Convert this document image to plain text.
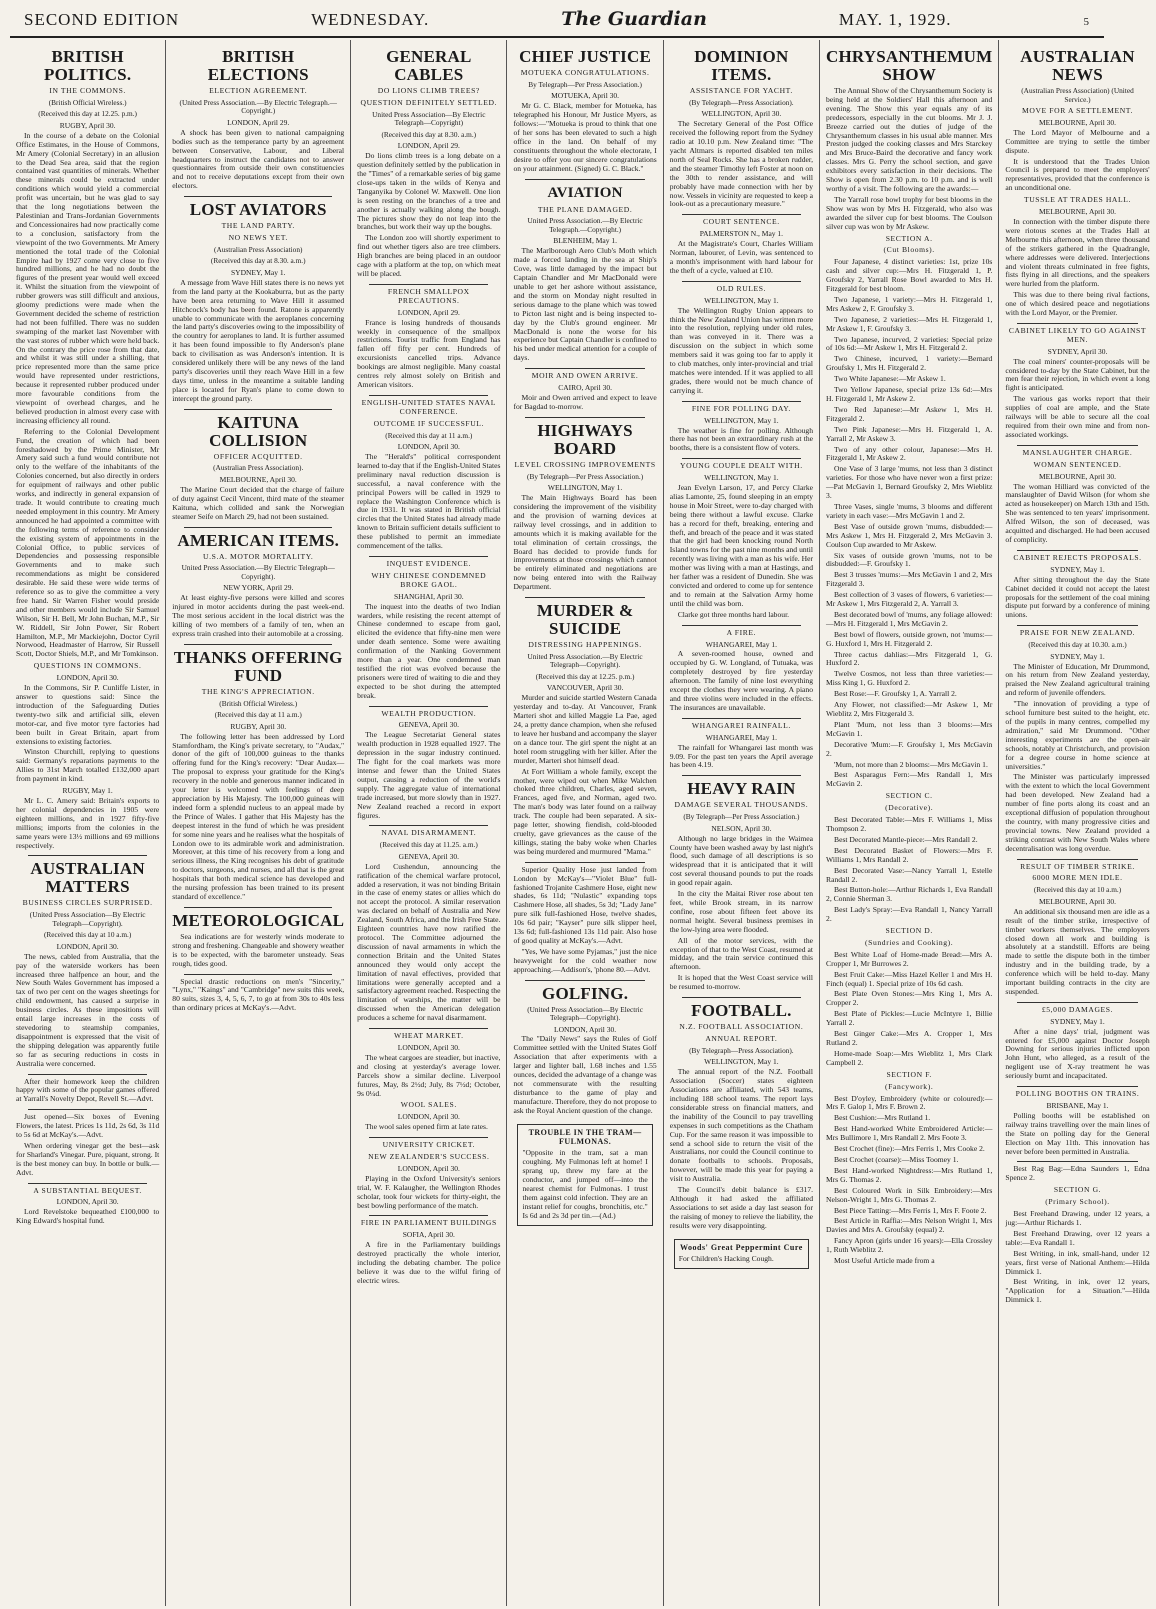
SECOND EDITION	WEDNESDAY.	The Guardian	MAY. 1, 1929.	5
BRITISH POLITICS.
IN THE COMMONS.
(British Official Wireless.)
(Received this day at 12.25. p.m.)
RUGBY, April 30.

In the course of a debate on the Colonial Office Estimates, in the House of Commons, Mr Amery (Colonial Secretary) in an allusion to the Dead Sea area, said that the region contained vast quantities of minerals. Whether these minerals could be extracted under conditions which would yield a commercial profit was uncertain, but he was glad to say that the long negotiations between the Palestinian and Trans-Jordanian Governments and Concessionaires had now practically come to a conclusion, satisfactory from the viewpoint of the two Governments. Mr Amery mentioned the total trade of the Colonial Empire had by 1927 come very close to five hundred millions, and he had no doubt the figures of the present year would well exceed it. Whilst the situation from the viewpoint of rubber growers was still difficult and anxious, gloomy predictions were made when the Government decided the scheme of restriction had not been fulfilled. There was no sudden swamping of the market last November with the vast stores of rubber which were held back. On the contrary the price rose from that date, and whilst it was still under a shilling, that price represented more than the same price would have represented under restrictions, because it represented rubber produced under more favourable conditions from the viewpoint of overhead charges, and he believed production in almost every case with increasing efficiency all round.

Referring to the Colonial Development Fund, the creation of which had been foreshadowed by the Prime Minister, Mr Amery said such a fund would contribute not only to the welfare of the inhabitants of the Colonies concerned, but also directly in orders for equipment of railways and other public works, and indirectly in general expansion of trade. It would contribute to creating much needed employment in this country. Mr Amery announced he had appointed a committee with the following terms of reference to consider the existing system of appointments in the Colonial Office, to public services of Dependencies and possessing responsible Governments and to make such recommendations as might be considered desirable. He said these were wide terms of reference so as to give the committee a very free hand. Sir Warren Fisher would preside and other members would include Sir Samuel Wilson, Sir H. Bell, Mr John Buchan, M.P., Sir W. Riddell, Sir John Power, Sir Robert Hamilton, M.P., Mr Mackiejohn, Doctor Cyril Norwood, Headmaster of Harrow, Sir Russell Scott, Doctor Shiels, M.P., and Mr Tomkinson.

QUESTIONS IN COMMONS.
LONDON, April 30.

In the Commons, Sir P. Cunliffe Lister, in answer to questions said: Since the introduction of the Safeguarding Duties twenty-two silk and artificial silk, eleven motor-car, and five motor tyre factories had been built in Great Britain, apart from extensions to existing factories.

Winston Churchill, replying to questions said: Germany's reparations payments to the Allies to 31st March totalled £132,000 apart from payment in kind.

RUGBY, May 1.

Mr L. C. Amery said: Britain's exports to her colonial dependencies in 1905 were eighteen millions, and in 1927 fifty-five millions; imports from the colonies in the same years were 13½ millions and 69 millions respectively.

AUSTRALIAN MATTERS
BUSINESS CIRCLES SURPRISED.
(United Press Association—By Electric Telegraph—Copyright).
(Received this day at 10 a.m.)
LONDON, April 30.

The news, cabled from Australia, that the pay of the waterside workers has been increased three halfpence an hour, and the New South Wales Government has imposed a tax of two per cent on the wages sheetings for child endowment, has caused a surprise in business circles. As these impositions will entail large increases in the costs of stevedoring to steamship companies, disappointment is expressed that the visit of the shipping delegation was apparently futile so far as securing reductions in costs in Australia were concerned.

After their homework keep the children happy with some of the popular games offered at Yarrall's Novelty Depot, Revell St.—Advt.

Just opened—Six boxes of Evening Flowers, the latest. Prices 1s 11d, 2s 6d, 3s 11d to 5s 6d at McKay's.—Advt.

When ordering vinegar get the best—ask for Sharland's Vinegar. Pure, piquant, strong. It is the best money can buy. In bottle or bulk.—Advt.

A SUBSTANTIAL BEQUEST.
LONDON, April 30.

Lord Revelstoke bequeathed £100,000 to King Edward's hospital fund.

BRITISH ELECTIONS
ELECTION AGREEMENT.
(United Press Association.—By Electric Telegraph.—Copyright.)
LONDON, April 29.

A shock has been given to national campaigning bodies such as the temperance party by an agreement between Conservative, Labour, and Liberal headquarters to instruct the candidates not to answer questionnaires from outside their own constituencies and not to receive deputations except from their own electors.

LOST AVIATORS
THE LAND PARTY.
NO NEWS YET.
(Australian Press Association)
(Received this day at 8.30. a.m.)
SYDNEY, May 1.

A message from Wave Hill states there is no news yet from the land party at the Kookaburra, but as the party have been area returning to Wave Hill it assumed Hitchcock's body has been found. Ratone is apparently unable to communicate with the aeroplanes concerning the land party's discoveries owing to the impossibility of the country for aeroplanes to land. It is further assumed it has been found impossible to fly Anderson's plane back to civilisation as was Anderson's intention. It is considered unlikely there will be any news of the land party's discoveries until they reach Wave Hill in a few days time, unless in the meantime a suitable landing place is located for Ryan's plane to come down to intercept the ground party.

KAITUNA COLLISION
OFFICER ACQUITTED.
(Australian Press Association).
MELBOURNE, April 30.

The Marine Court decided that the charge of failure of duty against Cecil Vincent, third mate of the steamer Kaituna, which collided and sank the Norwegian steamer Seife on March 29, had not been sustained.

AMERICAN ITEMS.
U.S.A. MOTOR MORTALITY.
United Press Association.—By Electric Telegraph—Copyright).
NEW YORK, April 29.

At least eighty-five persons were killed and scores injured in motor accidents during the past week-end. The most serious accident in the local district was the killing of two members of a family of ten, when an express train crashed into their automobile at a crossing.

THANKS OFFERING FUND
THE KING'S APPRECIATION.
(British Official Wireless.)
(Received this day at 11 a.m.)
RUGBY, April 30.

The following letter has been addressed by Lord Stamfordham, the King's private secretary, to "Audax," donor of the gift of 100,000 guineas to the thanks offering fund for the King's recovery: "Dear Audax—The proposal to express your gratitude for the King's recovery in the noble and generous manner indicated in your letter is welcomed with feelings of deep appreciation by His Majesty. The 100,000 guineas will indeed form a splendid nucleus to an appeal made by the Prince of Wales. I gather that His Majesty has the deepest interest in the fund of which he was president for some nine years and he realises what the hospitals of London owe to its admirable work and administration. Moreover, at this time of his recovery from a long and serious illness, the King recognises his debt of gratitude to doctors, surgeons, and nurses, and all that is the great hospitals that both medical science has developed and the nursing profession has been trained to its present standard of excellence."

METEOROLOGICAL

Sea indications are for westerly winds moderate to strong and freshening. Changeable and showery weather is to be expected, with the barometer unsteady. Seas rough, tides good.

Special drastic reductions on men's "Sincerity," "Lynx," "Kaings" and "Cambridge" new suits this week, 80 suits, sizes 3, 4, 5, 6, 7, to go at from 30s to 40s less than ordinary prices at McKay's.—Advt.

GENERAL CABLES
DO LIONS CLIMB TREES?
QUESTION DEFINITELY SETTLED.
United Press Association—By Electric Telegraph—Copyright)
(Received this day at 8.30. a.m.)
LONDON, April 29.

Do lions climb trees is a long debate on a question definitely settled by the publication in the "Times" of a remarkable series of big game close-ups taken in the wilds of Kenya and Tanganyika by Colonel W. Maxwell. One lion is seen resting on the branches of a tree and another is actually walking along the bough. The pictures show they do not leap into the branches, but work their way up the boughs.

The London zoo will shortly experiment to find out whether tigers also are tree climbers. High branches are being placed in an outdoor cage with a platform at the top, on which meat will be placed.

FRENCH SMALLPOX PRECAUTIONS.
LONDON, April 29.

France is losing hundreds of thousands weekly in consequence of the smallpox restrictions. Tourist traffic from England has fallen off fifty per cent. Hundreds of excursionists cancelled trips. Advance bookings are almost negligible. Many coastal centres rely almost solely on British and American visitors.

ENGLISH-UNITED STATES NAVAL CONFERENCE.
OUTCOME IF SUCCESSFUL.
(Received this day at 11 a.m.)
LONDON, April 30.

The "Herald's" political correspondent learned to-day that if the English-United States preliminary naval reduction discussion is successful, a naval conference with the principal Powers will be called in 1929 to replace the Washington Conference which is due in 1931. It was stated in British official circles that the United States had already made known to Britain sufficient details sufficient to these published to permit an immediate commencement of the talks.

INQUEST EVIDENCE.
WHY CHINESE CONDEMNED BROKE GAOL.
SHANGHAI, April 30.

The inquest into the deaths of two Indian warders, while resisting the recent attempt of Chinese condemned to escape from gaol, elicited the evidence that fifty-nine men were under death sentence. Some were awaiting confirmation of the Nanking Government more than a year. One condemned man testified the riot was evolved because the prisoners were tired of waiting to die and they expected to be shot during the attempted break.

WEALTH PRODUCTION.
GENEVA, April 30.

The League Secretariat General states wealth production in 1928 equalled 1927. The depression in the sugar industry continued. The fight for the coal markets was more intense and fewer than the United States output, causing a reduction of the world's supply. The aggregate value of international trade increased, but more slowly than in 1927. New Zealand reached a record in export figures.

NAVAL DISARMAMENT.
(Received this day at 11.25. a.m.)
GENEVA, April 30.

Lord Cushendun, announcing the ratification of the chemical warfare protocol, added a reservation, it was not binding Britain in the case of enemy states or allies which do not accept the protocol. A similar reservation was declared on behalf of Australia and New Zealand, South Africa, and the Irish Free State. Eighteen countries have now ratified the protocol. The Committee adjourned the discussion of naval armaments in which the connection Britain and the United States announced they would only accept the limitation of naval effectives, provided that limitations were generally accepted and a satisfactory agreement reached. Respecting the limitation of warships, the matter will be discussed when the American delegation produces a scheme for naval disarmament.

WHEAT MARKET.
LONDON, April 30.

The wheat cargoes are steadier, but inactive, and closing at yesterday's average lower. Parcels show a similar decline. Liverpool futures, May, 8s 2½d; July, 8s 7½d; October, 9s 0¼d.

WOOL SALES.
LONDON, April 30.

The wool sales opened firm at late rates.

UNIVERSITY CRICKET.
NEW ZEALANDER'S SUCCESS.
LONDON, April 30.

Playing in the Oxford University's seniors trial, W. F. Kalaugher, the Wellington Rhodes scholar, took four wickets for thirty-eight, the best bowling performance of the match.

FIRE IN PARLIAMENT BUILDINGS
SOFIA, April 30.

A fire in the Parliamentary buildings destroyed practically the whole interior, including the debating chamber. The police believe it was due to the wilful firing of electric wires.

CHIEF JUSTICE
MOTUEKA CONGRATULATIONS.
By Telegraph—Per Press Association.)
MOTUEKA, April 30.

Mr G. C. Black, member for Motueka, has telegraphed his Honour, Mr Justice Myers, as follows:—"Motueka is proud to think that one of her sons has been elevated to such a high office in the land. On behalf of my constituents throughout the whole electorate, I desire to offer you our sincere congratulations on your attainment. (Signed) G. C. Black."

AVIATION
THE PLANE DAMAGED.
United Press Association.—By Electric Telegraph.—Copyright.)
BLENHEIM, May 1.

The Marlborough Aero Club's Moth which made a forced landing in the sea at Ship's Cove, was little damaged by the impact but Captain Chandler and Mr MacDonald were unable to get her ashore without assistance, and the storm on Monday night resulted in serious damage to the plane which was towed to Picton last night and is being inspected to-day by the Club's ground engineer. Mr MacDonald is none the worse for his experience but Captain Chandler is confined to his bed under medical attention for a couple of days.

MOIR AND OWEN ARRIVE.
CAIRO, April 30.

Moir and Owen arrived and expect to leave for Bagdad to-morrow.

HIGHWAYS BOARD
LEVEL CROSSING IMPROVEMENTS
(By Telegraph—Per Press Association.)
WELLINGTON, May 1.

The Main Highways Board has been considering the improvement of the visibility and the provision of warning devices at railway level crossings, and in addition to amounts which it is making available for the total elimination of certain crossings, the Board has decided to provide funds for improvements at those crossings which cannot be entirely eliminated and negotiations are now being entered into with the Railway Department.

MURDER & SUICIDE
DISTRESSING HAPPENINGS.
United Press Association.—By Electric Telegraph—Copyright).
(Received this day at 12.25. p.m.)
VANCOUVER, April 30.

Murder and suicide startled Western Canada yesterday and to-day. At Vancouver, Frank Marteri shot and killed Maggie La Pae, aged 24, a pretty dance champion, when she refused to leave her husband and accompany the slayer on a dance tour. The girl spent the night at an hotel room struggling with her killer. After the murder, Marteri shot himself dead.

At Fort William a whole family, except the mother, were wiped out when Mike Walchen choked three children, Charles, aged seven, Frances, aged five, and Norman, aged two. The man's body was later found on a railway track. The couple had been separated. A six-page letter, showing fiendish, cold-blooded cruelty, gave grievances as the cause of the killings, stating the baby woke when Charles was being murdered and murmured "Mama."

Superior Quality Hose just landed from London by McKay's—"Violet Blue" full-fashioned Trojanite Cashmere Hose, eight new shades, 6s 11d; "Nulastic" expanding tops Cashmere Hose, all shades, 5s 3d; "Lady Jane" pure silk full-fashioned Hose, twelve shades, 10s 6d pair; "Kayser" pure silk slipper heel, 13s 6d; full-fashioned 13s 11d pair. Also hose of good quality at McKay's.—Advt.

"Yes, We have some Pyjamas," just the nice heavyweight for the cold weather now approaching.—Addison's, 'phone 80.—Advt.

GOLFING.
(United Press Association—By Electric Telegraph—Copyright).
LONDON, April 30.

The "Daily News" says the Rules of Golf Committee settled with the United States Golf Association that after experiments with a larger and lighter ball, 1.68 inches and 1.55 ounces, decided the advantage of a change was not commensurate with the resulting disturbance to the game of play and manufacture. Therefore, they do not propose to ask the Royal Ancient question of the change.

TROUBLE IN THE TRAM—FULMONAS.
"Opposite in the tram, sat a man coughing. My Fulmonas left at home! I sprang up, threw my fare at the conductor, and jumped off—into the nearest chemist for Fulmonas. I trust them against cold infection. They are an instant relief for coughs, bronchitis, etc." Is 6d and 2s 3d per tin.—(Ad.)
DOMINION ITEMS.
ASSISTANCE FOR YACHT.
(By Telegraph—Press Association).
WELLINGTON, April 30.

The Secretary General of the Post Office received the following report from the Sydney radio at 10.10 p.m. New Zealand time: "The yacht Altmars is reported disabled ten miles north of Seal Rocks. She has a broken rudder, and the steamer Timothy left Foster at noon on the 30th to render assistance, and will probably have made connection with her by now. Vessels in vicinity are requested to keep a look-out as a precautionary measure."

COURT SENTENCE.
PALMERSTON N., May 1.

At the Magistrate's Court, Charles William Norman, labourer, of Levin, was sentenced to a month's imprisonment with hard labour for the theft of a cycle, valued at £10.

OLD RULES.
WELLINGTON, May 1.

The Wellington Rugby Union appears to think the New Zealand Union has written more into the resolution, replying under old rules, than was conveyed in it. There was a discussion on the subject in which some members said it was going too far to apply it to club matches, only inter-provincial and trial matches were intended. If it was applied to all grades, there would not be much chance of carrying it.

FINE FOR POLLING DAY.
WELLINGTON, May 1.

The weather is fine for polling. Although there has not been an extraordinary rush at the booths, there is a consistent flow of voters.

YOUNG COUPLE DEALT WITH.
WELLINGTON, May 1.

Jean Evelyn Larson, 17, and Percy Clarke alias Lamonte, 25, found sleeping in an empty house in Moir Street, were to-day charged with being there without a lawful excuse. Clarke has a record for theft, breaking, entering and theft, and breach of the peace and it was stated that the girl had been knocking round North Island towns for the past nine months and until recently was living with a man as his wife. Her mother was living with a man at Hastings, and her father was a resident of Dunedin. She was convicted and ordered to come up for sentence and to remain at the Salvation Army home until the child was born.

Clarke got three months hard labour.

A FIRE.
WHANGAREI, May 1.

A seven-roomed house, owned and occupied by G. W. Longland, of Tutuaka, was completely destroyed by fire yesterday afternoon. The family of nine lost everything except the clothes they were wearing. A piano and three violins were included in the effects. The insurances are unavailable.

WHANGAREI RAINFALL.
WHANGAREI, May 1.

The rainfall for Whangarei last month was 9.09. For the past ten years the April average has been 4.19.

HEAVY RAIN
DAMAGE SEVERAL THOUSANDS.
(By Telegraph—Per Press Association.)
NELSON, April 30.

Although no large bridges in the Waimea County have been washed away by last night's flood, such damage of all descriptions is so widespread that it is anticipated that it will cost several thousand pounds to put the roads in good repair again.

In the city the Maitai River rose about ten feet, while Brook stream, in its narrow confine, rose about fifteen feet above its normal height. Several business premises in the low-lying area were flooded.

All of the motor services, with the exception of that to the West Coast, resumed at midday, and the train service continued this afternoon.

It is hoped that the West Coast service will be resumed to-morrow.

FOOTBALL.
N.Z. FOOTBALL ASSOCIATION.
ANNUAL REPORT.
(By Telegraph—Press Association).
WELLINGTON, May 1.

The annual report of the N.Z. Football Association (Soccer) states eighteen Associations are affiliated, with 543 teams, including 188 school teams. The report lays considerable stress on financial matters, and the inability of the Council to pay travelling expenses in such competitions as the Chatham Cup. For the same reason it was impossible to send a school side to return the visit of the Australians, nor could the Council continue to donate footballs to schools. Proposals, however, will be made this year for paying a visit to Australia.

The Council's debit balance is £317. Although it had asked the affiliated Associations to set aside a day last season for the raising of money to relieve the liability, the results were very disappointing.

Woods' Great Peppermint Cure
For Children's Hacking Cough.
CHRYSANTHEMUM SHOW

The Annual Show of the Chrysanthemum Society is being held at the Soldiers' Hall this afternoon and evening. The Show this year equals any of its predecessors, especially in the cut blooms. Mr J. J. Breeze carried out the duties of judge of the Chrysanthemum classes in his usual able manner. Mrs Preston judged the cooking classes and Mrs Starckey and Mrs Bruce-Baird the decorative and fancy work classes. Mrs G. Perry the school section, and gave exhibitors every satisfaction in their decisions. The Show is open from 2.30 p.m. to 10 p.m. and is well worthy of a visit. The following are the awards:—

The Yarrall rose bowl trophy for best blooms in the Show was won by Mrs H. Fitzgerald, who also was awarded the silver cup for best blooms. The Coulson silver cup was won by Mr Askew.

SECTION A.
(Cut Blooms).

Four Japanese, 4 distinct varieties: 1st, prize 10s cash and silver cup:—Mrs H. Fitzgerald 1, P. Groufsky 2, Yarrall Rose Bowl awarded to Mrs H. Fitzgerald for best bloom.

Two Japanese, 1 variety:—Mrs H. Fitzgerald 1, Mrs Askew 2, F. Groufsky 3.

Two Japanese, 2 varieties:—Mrs H. Fitzgerald 1, Mr Askew 1, F. Groufsky 3.

Two Japanese, incurved, 2 varieties: Special prize of 10s 6d:—Mr Askew 1, Mrs H. Fitzgerald 2.

Two Chinese, incurved, 1 variety:—Bernard Groufsky 1, Mrs H. Fitzgerald 2.

Two White Japanese:—Mr Askew 1.

Two Yellow Japanese, special prize 13s 6d:—Mrs H. Fitzgerald 1, Mr Askew 2.

Two Red Japanese:—Mr Askew 1, Mrs H. Fitzgerald 2.

Two Pink Japanese:—Mrs H. Fitzgerald 1, A. Yarrall 2, Mr Askew 3.

Two of any other colour, Japanese:—Mrs H. Fitzgerald 1, Mr Askew 2.

One Vase of 3 large 'mums, not less than 3 distinct varieties. For those who have never won a first prize:—Pat McGavin 1, Bernard Groufsky 2, Mrs Wieblitz 3.

Three Vases, single 'mums, 3 blooms and different variety in each vase:—Mrs McGavin 1 and 2.

Best Vase of outside grown 'mums, disbudded:—Mrs Askew 1, Mrs H. Fitzgerald 2, Mrs McGavin 3. Coulson Cup awarded to Mr Askew.

Six vases of outside grown 'mums, not to be disbudded:—F. Groufsky 1.

Best 3 trusses 'mums:—Mrs McGavin 1 and 2, Mrs Fitzgerald 3.

Best collection of 3 vases of flowers, 6 varieties:—Mr Askew 1, Mrs Fitzgerald 2, A. Yarrall 3.

Best decorated bowl of 'mums, any foliage allowed:—Mrs H. Fitzgerald 1, Mrs McGavin 2.

Best bowl of flowers, outside grown, not 'mums:—G. Huxford 1, Mrs H. Fitzgerald 2.

Three cactus dahlias:—Mrs Fitzgerald 1, G. Huxford 2.

Twelve Cosmos, not less than three varieties:—Miss King 1, G. Huxford 2.

Best Rose:—F. Groufsky 1, A. Yarrall 2.

Any Flower, not classified:—Mr Askew 1, Mr Wieblitz 2, Mrs Fitzgerald 3.

Plant 'Mum, not less than 3 blooms:—Mrs McGavin 1.

Decorative 'Mum:—F. Groufsky 1, Mrs McGavin 2.

'Mum, not more than 2 blooms:—Mrs McGavin 1.

Best Asparagus Fern:—Mrs Randall 1, Mrs McGavin 2.

SECTION C.
(Decorative).

Best Decorated Table:—Mrs F. Williams 1, Miss Thompson 2.

Best Decorated Mantle-piece:—Mrs Randall 2.

Best Decorated Basket of Flowers:—Mrs F. Williams 1, Mrs Randall 2.

Best Decorated Vase:—Nancy Yarrall 1, Estelle Randall 2.

Best Button-hole:—Arthur Richards 1, Eva Randall 2, Connie Sherman 3.

Best Lady's Spray:—Eva Randall 1, Nancy Yarrall 2.

SECTION D.
(Sundries and Cooking).

Best White Loaf of Home-made Bread:—Mrs A. Cropper 1, Mr Burrowes 2.

Best Fruit Cake:—Miss Hazel Keller 1 and Mrs H. Finch (equal) 1. Special prize of 10s 6d cash.

Best Plate Oven Stones:—Mrs King 1, Mrs A. Cropper 2.

Best Plate of Pickles:—Lucie McIntyre 1, Billie Yarrall 2.

Best Ginger Cake:—Mrs A. Cropper 1, Mrs Rutland 2.

Home-made Soap:—Mrs Wieblitz 1, Mrs Clark Campbell 2.

SECTION F.
(Fancywork).

Best D'oyley, Embroidery (white or coloured):—Mrs F. Galop 1, Mrs F. Brown 2.

Best Cushion:—Mrs Rutland 1.

Best Hand-worked White Embroidered Article:—Mrs Bullimore 1, Mrs Randall 2. Mrs Foote 3.

Best Crochet (fine):—Mrs Ferris 1, Mrs Cooke 2.

Best Crochet (coarse):—Miss Toomey 1.

Best Hand-worked Nightdress:—Mrs Rutland 1, Mrs G. Thomas 2.

Best Coloured Work in Silk Embroidery:—Mrs Nelson-Wright 1, Mrs G. Thomas 2.

Best Piece Tatting:—Mrs Ferris 1, Mrs F. Foote 2.

Best Article in Raffia:—Mrs Nelson Wright 1, Mrs Davies and Mrs A. Groufsky (equal) 2.

Fancy Apron (girls under 16 years):—Ella Crossley 1, Ruth Wieblitz 2.

Most Useful Article made from a

AUSTRALIAN NEWS
(Australian Press Association) (United Service.)
MOVE FOR A SETTLEMENT.
MELBOURNE, April 30.

The Lord Mayor of Melbourne and a Committee are trying to settle the timber dispute.

It is understood that the Trades Union Council is prepared to meet the employers' representatives, provided that the conference is an unconditional one.

TUSSLE AT TRADES HALL.
MELBOURNE, April 30.

In connection with the timber dispute there were riotous scenes at the Trades Hall at Melbourne this afternoon, when three thousand of the strikers gathered in the Quadrangle, where addresses were delivered. Interjections and violent threats culminated in free fights, fists flying in all directions, and the speakers were hurled from the platform.

This was due to there being rival factions, one of which desired peace and negotiations with the Lord Mayor, or the Premier.

CABINET LIKELY TO GO AGAINST MEN.
SYDNEY, April 30.

The coal miners' counter-proposals will be considered to-day by the State Cabinet, but the men fear their rejection, in which event a long fight is anticipated.

The various gas works report that their supplies of coal are ample, and the State railways will be able to secure all the coal required from their own mine and from non-associated workings.

MANSLAUGHTER CHARGE.
WOMAN SENTENCED.
MELBOURNE, April 30.

The woman Hilliard was convicted of the manslaughter of David Wilson (for whom she acted as housekeeper) on March 13th and 15th. She was sentenced to ten years' imprisonment. Alfred Wilson, the son of deceased, was acquitted and discharged. He had been accused of complicity.

CABINET REJECTS PROPOSALS.
SYDNEY, May 1.

After sitting throughout the day the State Cabinet decided it could not accept the latest proposals for the settlement of the coal mining dispute put forward by a conference of mining unions.

PRAISE FOR NEW ZEALAND.
(Received this day at 10.30. a.m.)
SYDNEY, May 1.

The Minister of Education, Mr Drummond, on his return from New Zealand yesterday, praised the New Zealand agricultural training and reform of juvenile offenders.

"The innovation of providing a type of school furniture best suited to the height, etc. of the pupils in many centres, compelled my admiration," said Mr Drummond. "Other interesting experiments are the open-air schools, notably at Christchurch, and provision for a degree course in home science at universities."

The Minister was particularly impressed with the extent to which the local Government had been developed. New Zealand had a number of fine ports along its coast and an exceptional diffusion of population throughout the country, with many progressive cities and provincial towns. New Zealand provided a striking contrast with New South Wales where decentralisation was long overdue.

RESULT OF TIMBER STRIKE.
6000 MORE MEN IDLE.
(Received this day at 10 a.m.)
MELBOURNE, April 30.

An additional six thousand men are idle as a result of the timber strike, irrespective of timber workers themselves. The employers closed down all work and building is absolutely at a standstill. Efforts are being made to settle the dispute both in the timber industry and in the building trade, by a conference which will be held to-day. Many important building contracts in the city are suspended.

£5,000 DAMAGES.
SYDNEY, May 1.

After a nine days' trial, judgment was entered for £5,000 against Doctor Joseph Downing for serious injuries inflicted upon John Hunt, who alleged, as a result of the negligent use of X-ray treatment he was seriously burnt and incapacitated.

POLLING BOOTHS ON TRAINS.
BRISBANE, May 1.

Polling booths will be established on railway trains travelling over the main lines of the State on polling day for the General Election on May 11th. This innovation has never before been permitted in Australia.

Best Rag Bag:—Edna Saunders 1, Edna Spence 2.

SECTION G.
(Primary School).

Best Freehand Drawing, under 12 years, a jug:—Arthur Richards 1.

Best Freehand Drawing, over 12 years a table:—Eva Randall 1.

Best Writing, in ink, small-hand, under 12 years, first verse of National Anthem:—Hilda Dimmick 1.

Best Writing, in ink, over 12 years, "Application for a Situation."—Hilda Dimmick 1.
